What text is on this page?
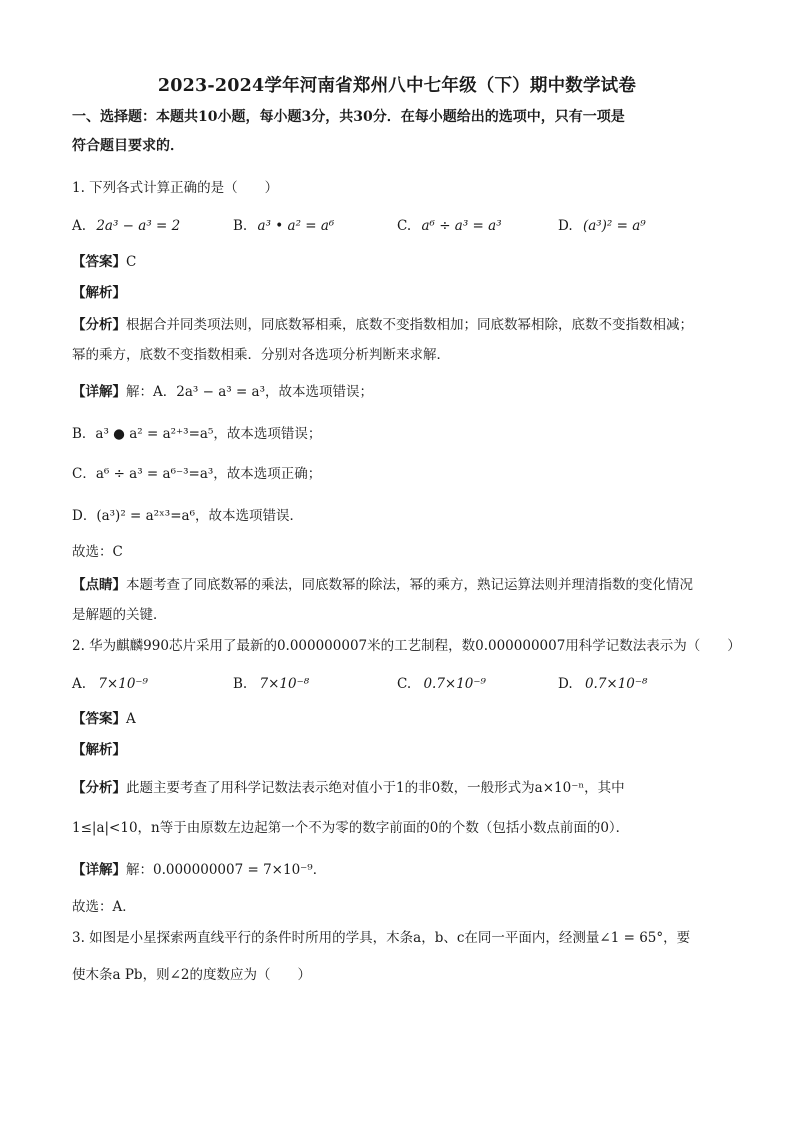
2023-2024学年河南省郑州八中七年级（下）期中数学试卷
一、选择题：本题共10小题，每小题3分，共30分．在每小题给出的选项中，只有一项是
符合题目要求的．
1. 下列各式计算正确的是（　　）
A. 2a³ − a³ = 2	B. a³ • a² = a⁶	C. a⁶ ÷ a³ = a³	D. (a³)² = a⁹
【答案】C
【解析】
【分析】根据合并同类项法则，同底数幂相乘，底数不变指数相加；同底数幂相除，底数不变指数相减；
幂的乘方，底数不变指数相乘．分别对各选项分析判断来求解．
【详解】解：A．2a³ − a³ = a³，故本选项错误；
B．a³ ● a² = a²⁺³=a⁵，故本选项错误；
C．a⁶ ÷ a³ = a⁶⁻³=a³，故本选项正确；
D．(a³)² = a²ˣ³=a⁶，故本选项错误．
故选：C
【点睛】本题考查了同底数幂的乘法，同底数幂的除法，幂的乘方，熟记运算法则并理清指数的变化情况
是解题的关键．
2. 华为麒麟990芯片采用了最新的0.000000007米的工艺制程，数0.000000007用科学记数法表示为（　　）
A. 7×10⁻⁹	B. 7×10⁻⁸	C. 0.7×10⁻⁹	D. 0.7×10⁻⁸
【答案】A
【解析】
【分析】此题主要考查了用科学记数法表示绝对值小于1的非0数，一般形式为a×10⁻ⁿ，其中
1≤|a|<10，n等于由原数左边起第一个不为零的数字前面的0的个数（包括小数点前面的0）．
【详解】解：0.000000007 = 7×10⁻⁹．
故选：A．
3. 如图是小星探索两直线平行的条件时所用的学具，木条a，b、c在同一平面内，经测量∠1 = 65°，要
使木条a Pb，则∠2的度数应为（　　）
